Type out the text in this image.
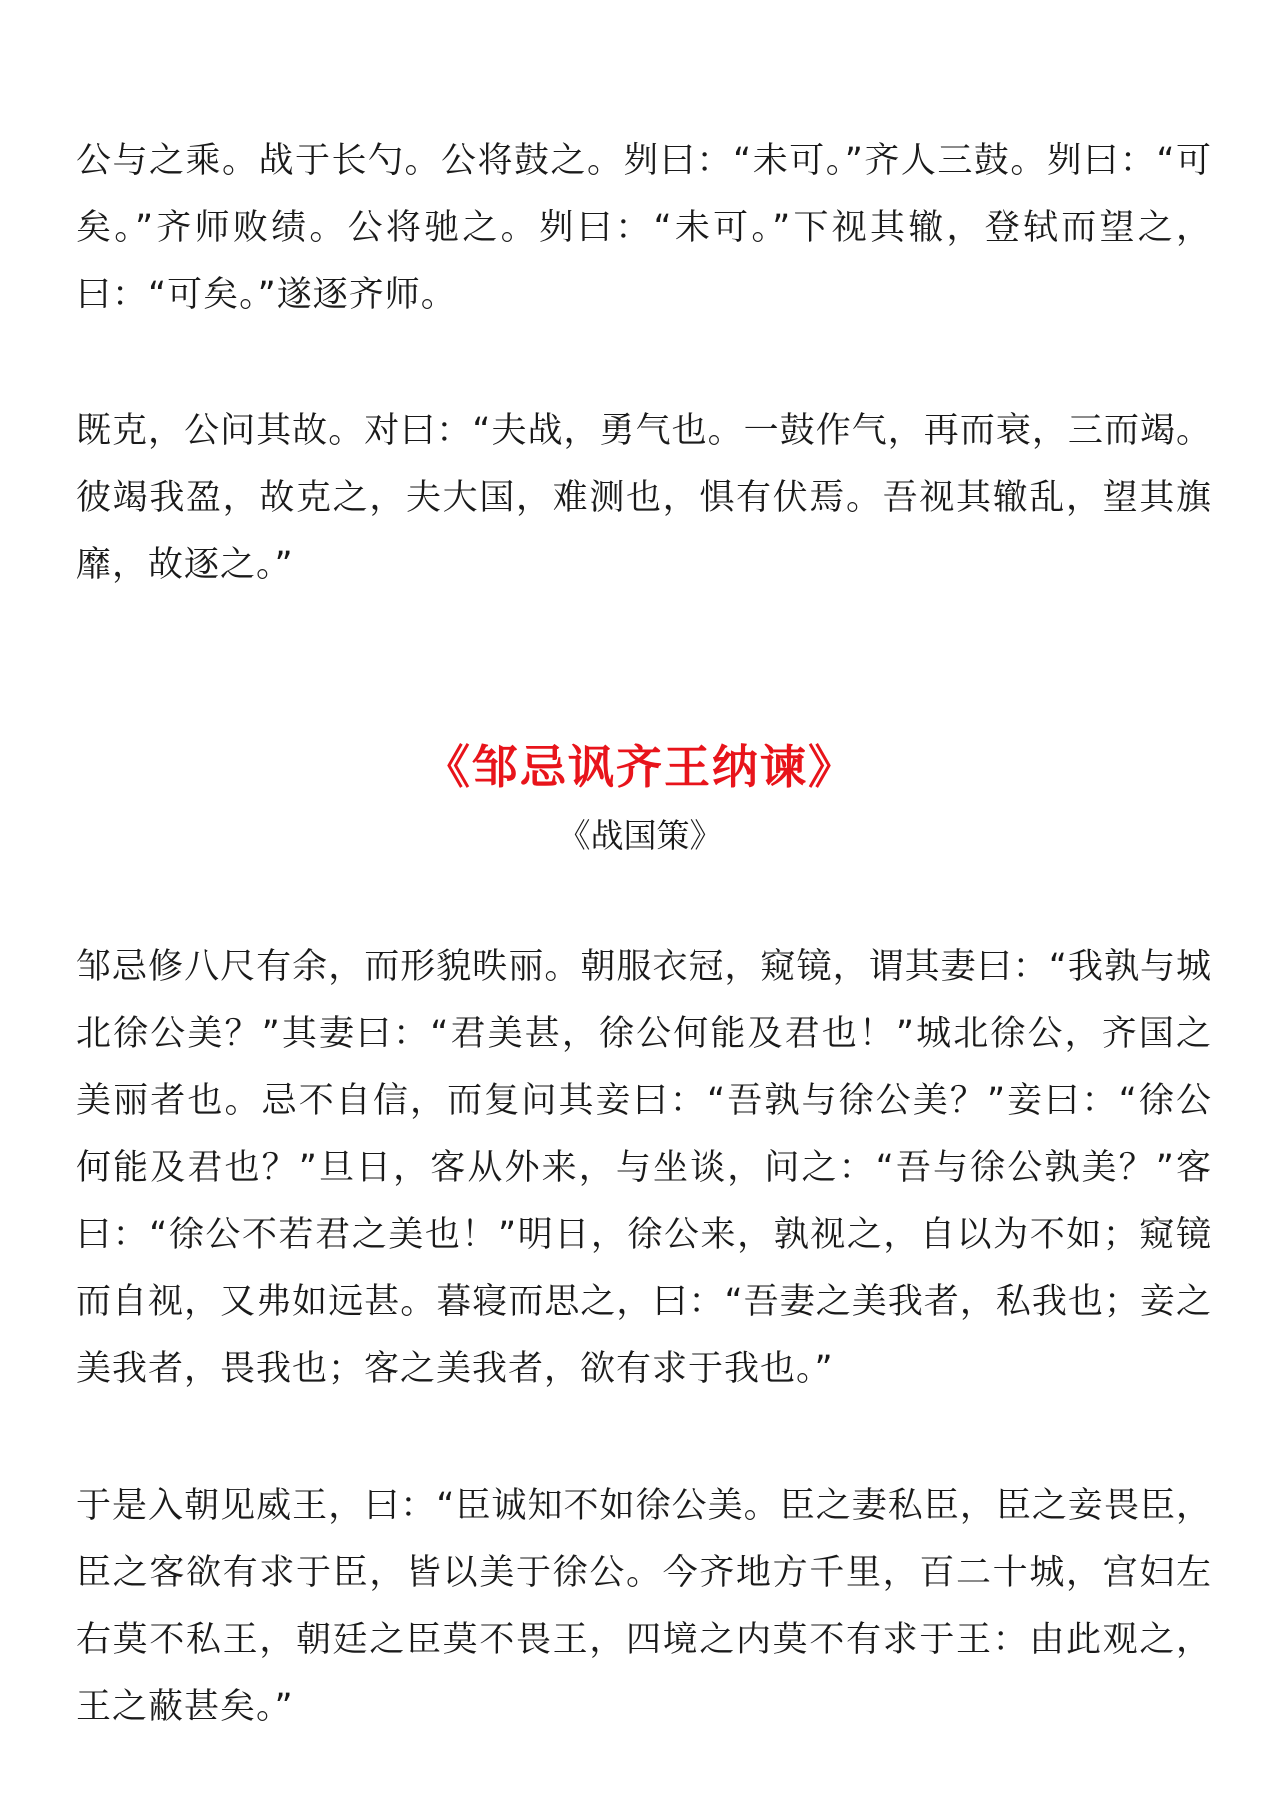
公与之乘。战于长勺。公将鼓之。刿曰：“未可。”齐人三鼓。刿曰：“可矣。”齐师败绩。公将驰之。刿曰：“未可。”下视其辙，登轼而望之，曰：“可矣。”遂逐齐师。

既克，公问其故。对曰：“夫战，勇气也。一鼓作气，再而衰，三而竭。彼竭我盈，故克之，夫大国，难测也，惧有伏焉。吾视其辙乱，望其旗靡，故逐之。”

《邹忌讽齐王纳谏》
《战国策》

邹忌修八尺有余，而形貌昳丽。朝服衣冠，窥镜，谓其妻曰：“我孰与城北徐公美？”其妻曰：“君美甚，徐公何能及君也！”城北徐公，齐国之美丽者也。忌不自信，而复问其妾曰：“吾孰与徐公美？”妾曰：“徐公何能及君也？”旦日，客从外来，与坐谈，问之：“吾与徐公孰美？”客曰：“徐公不若君之美也！”明日，徐公来，孰视之，自以为不如；窥镜而自视，又弗如远甚。暮寝而思之，曰：“吾妻之美我者，私我也；妾之美我者，畏我也；客之美我者，欲有求于我也。”

于是入朝见威王，曰：“臣诚知不如徐公美。臣之妻私臣，臣之妾畏臣，臣之客欲有求于臣，皆以美于徐公。今齐地方千里，百二十城，宫妇左右莫不私王，朝廷之臣莫不畏王，四境之内莫不有求于王：由此观之，王之蔽甚矣。”
